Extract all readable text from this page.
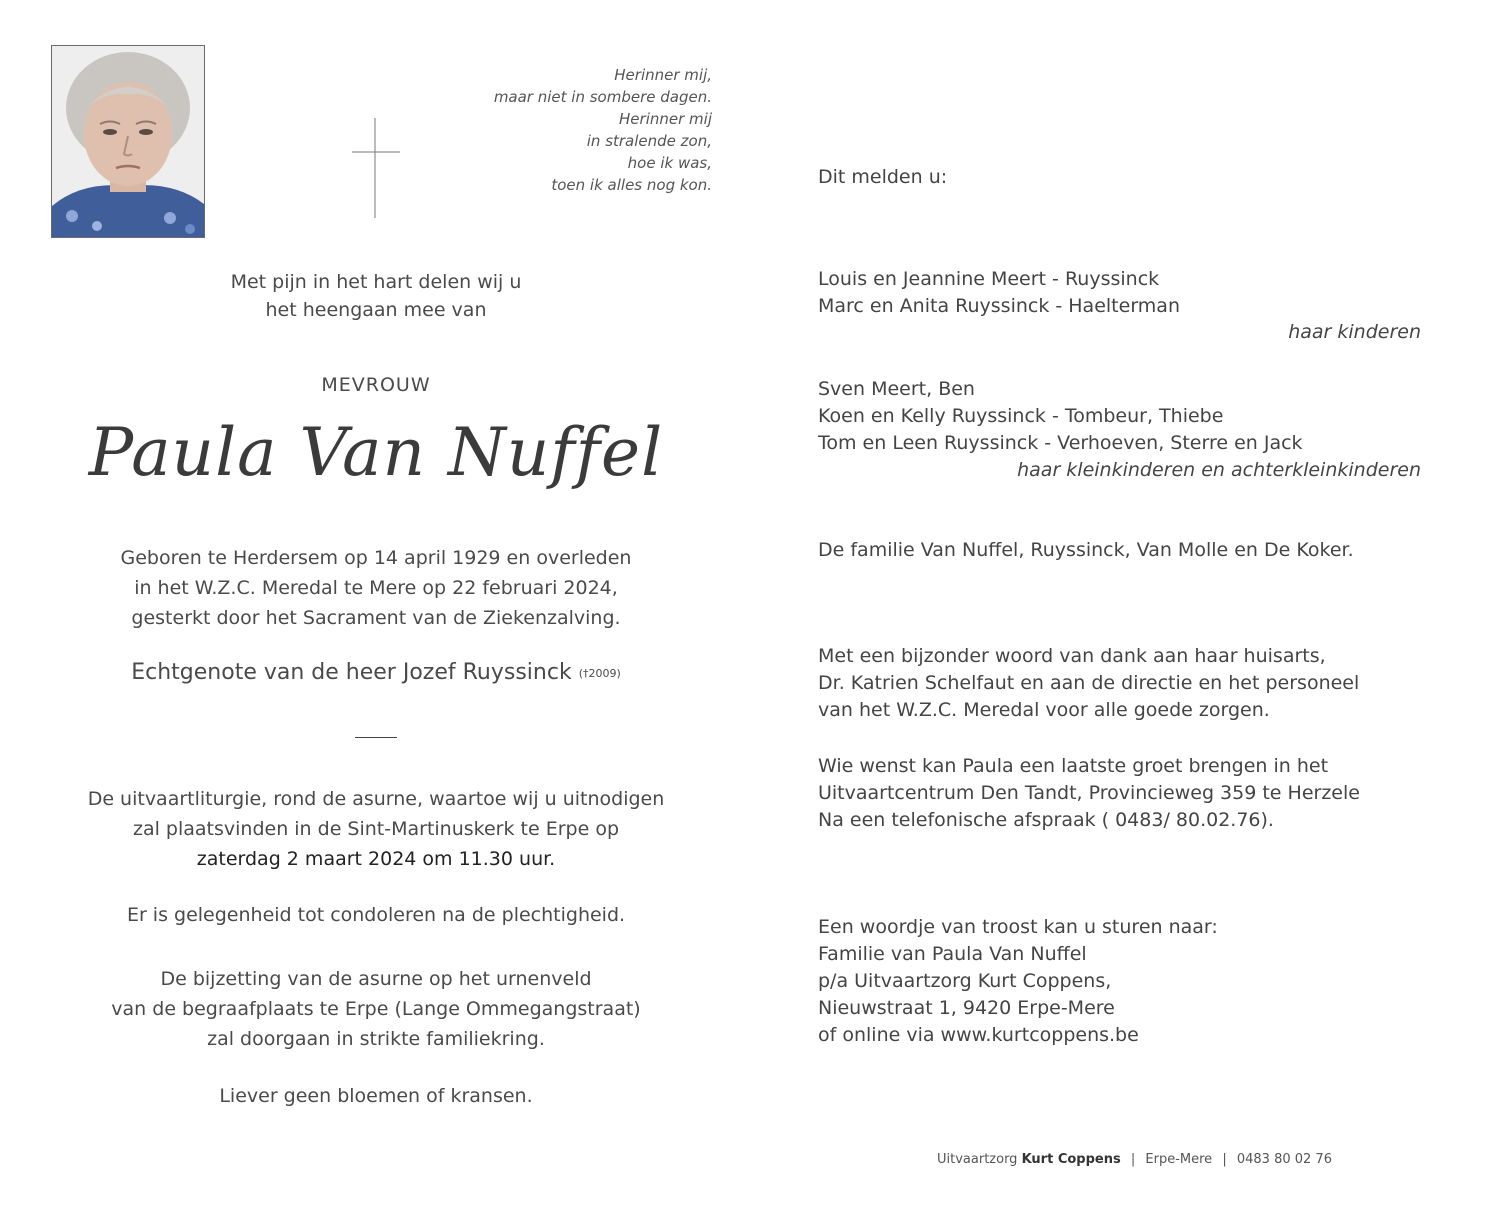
Herinner mij,
maar niet in sombere dagen.
Herinner mij
in stralende zon,
hoe ik was,
toen ik alles nog kon.
Met pijn in het hart delen wij u
het heengaan mee van
MEVROUW
Paula Van Nuffel
Geboren te Herdersem op 14 april 1929 en overleden
in het W.Z.C. Meredal te Mere op 22 februari 2024,
gesterkt door het Sacrament van de Ziekenzalving.
Echtgenote van de heer Jozef Ruyssinck (†2009)
De uitvaartliturgie, rond de asurne, waartoe wij u uitnodigen
zal plaatsvinden in de Sint-Martinuskerk te Erpe op
zaterdag 2 maart 2024 om 11.30 uur.
Er is gelegenheid tot condoleren na de plechtigheid.
De bijzetting van de asurne op het urnenveld
van de begraafplaats te Erpe (Lange Ommegangstraat)
zal doorgaan in strikte familiekring.
Liever geen bloemen of kransen.
Dit melden u:
Louis en Jeannine Meert - Ruyssinck
Marc en Anita Ruyssinck - Haelterman
haar kinderen
Sven Meert, Ben
Koen en Kelly Ruyssinck - Tombeur, Thiebe
Tom en Leen Ruyssinck - Verhoeven, Sterre en Jack
haar kleinkinderen en achterkleinkinderen
De familie Van Nuffel, Ruyssinck, Van Molle en De Koker.
Met een bijzonder woord van dank aan haar huisarts,
Dr. Katrien Schelfaut en aan de directie en het personeel
van het W.Z.C. Meredal voor alle goede zorgen.
Wie wenst kan Paula een laatste groet brengen in het
Uitvaartcentrum Den Tandt, Provincieweg 359 te Herzele
Na een telefonische afspraak ( 0483/ 80.02.76).
Een woordje van troost kan u sturen naar:
Familie van Paula Van Nuffel
p/a Uitvaartzorg Kurt Coppens,
Nieuwstraat 1, 9420 Erpe-Mere
of online via www.kurtcoppens.be
Uitvaartzorg Kurt Coppens | Erpe-Mere | 0483 80 02 76
